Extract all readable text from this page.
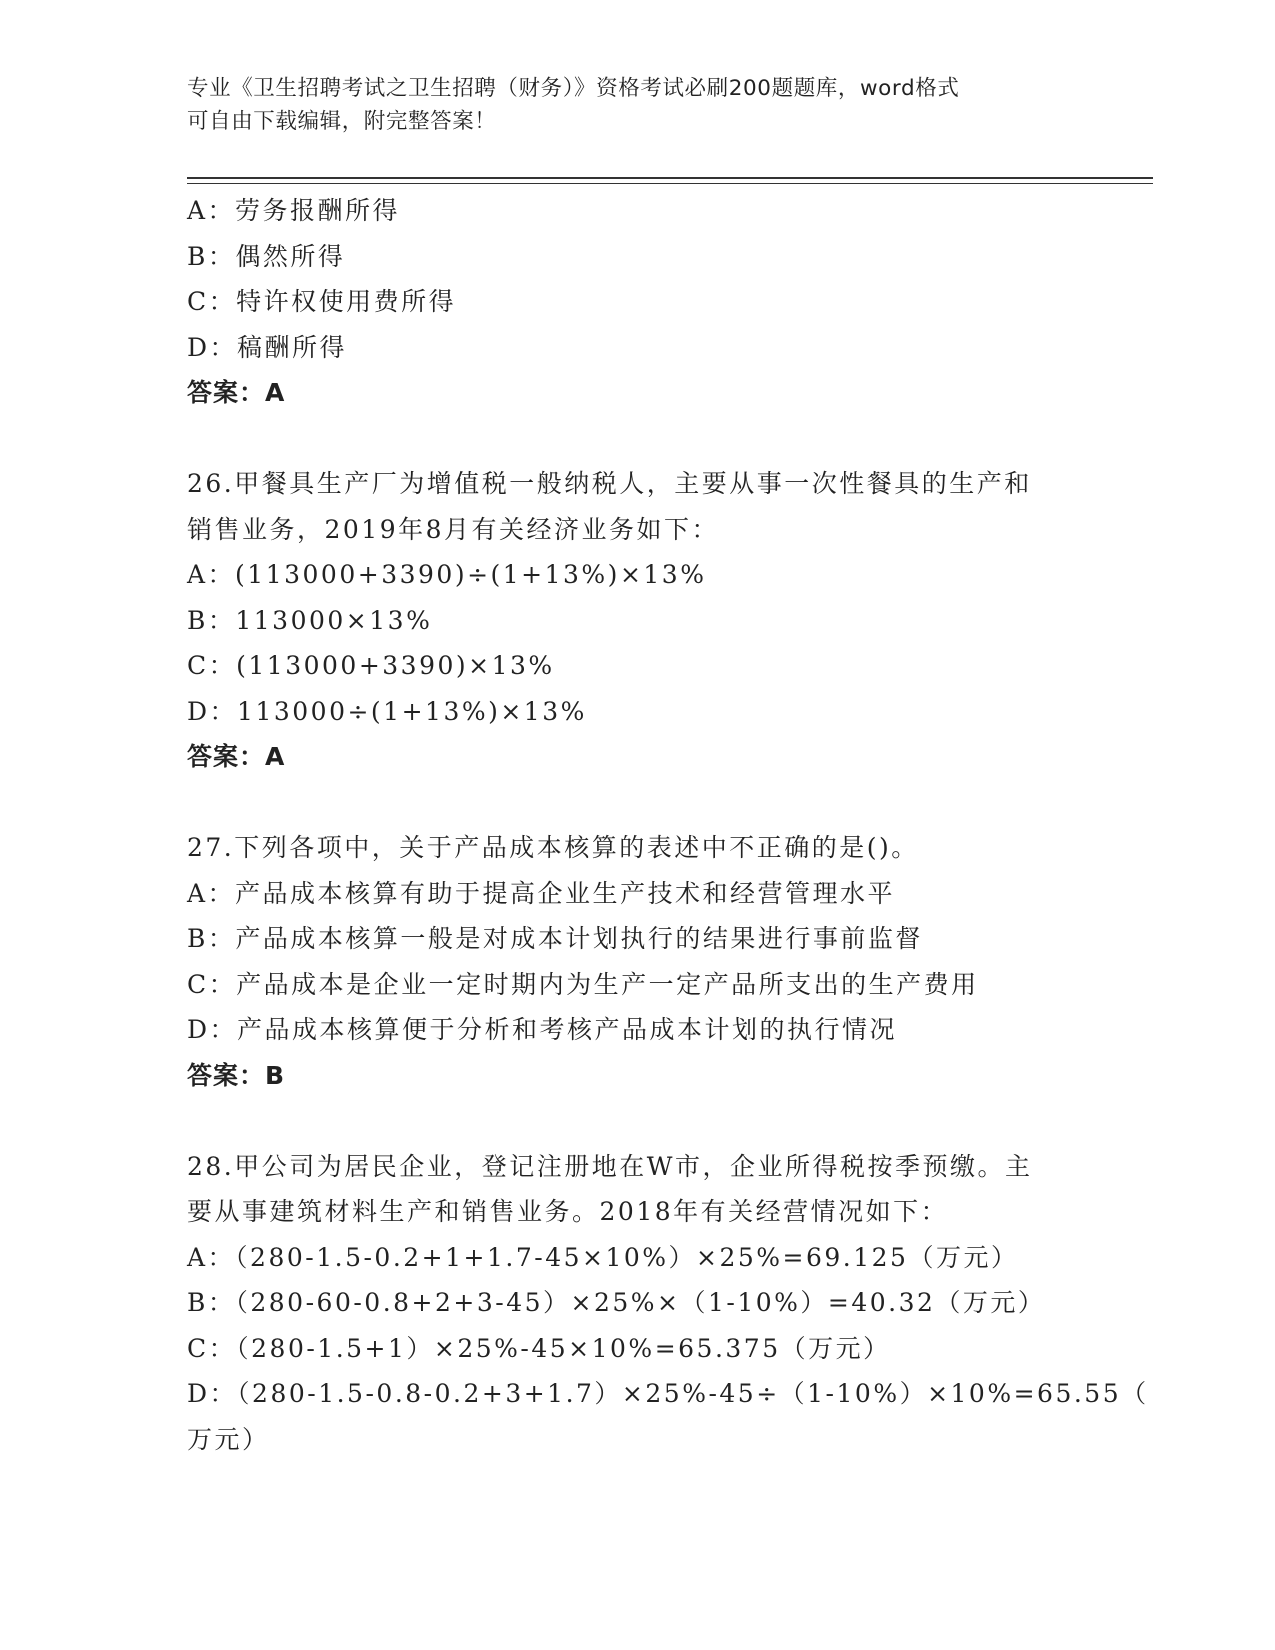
专业《卫生招聘考试之卫生招聘（财务）》资格考试必刷200题题库，word格式
可自由下载编辑，附完整答案！
A：劳务报酬所得
B：偶然所得
C：特许权使用费所得
D：稿酬所得
答案：A
26.甲餐具生产厂为增值税一般纳税人，主要从事一次性餐具的生产和
销售业务，2019年8月有关经济业务如下：
A：(113000+3390)÷(1+13%)×13%
B：113000×13%
C：(113000+3390)×13%
D：113000÷(1+13%)×13%
答案：A
27.下列各项中，关于产品成本核算的表述中不正确的是()。
A：产品成本核算有助于提高企业生产技术和经营管理水平
B：产品成本核算一般是对成本计划执行的结果进行事前监督
C：产品成本是企业一定时期内为生产一定产品所支出的生产费用
D：产品成本核算便于分析和考核产品成本计划的执行情况
答案：B
28.甲公司为居民企业，登记注册地在W市，企业所得税按季预缴。主
要从事建筑材料生产和销售业务。2018年有关经营情况如下：
A：（280-1.5-0.2+1+1.7-45×10%）×25%=69.125（万元）
B：（280-60-0.8+2+3-45）×25%×（1-10%）=40.32（万元）
C：（280-1.5+1）×25%-45×10%=65.375（万元）
D：（280-1.5-0.8-0.2+3+1.7）×25%-45÷（1-10%）×10%=65.55（
万元）
